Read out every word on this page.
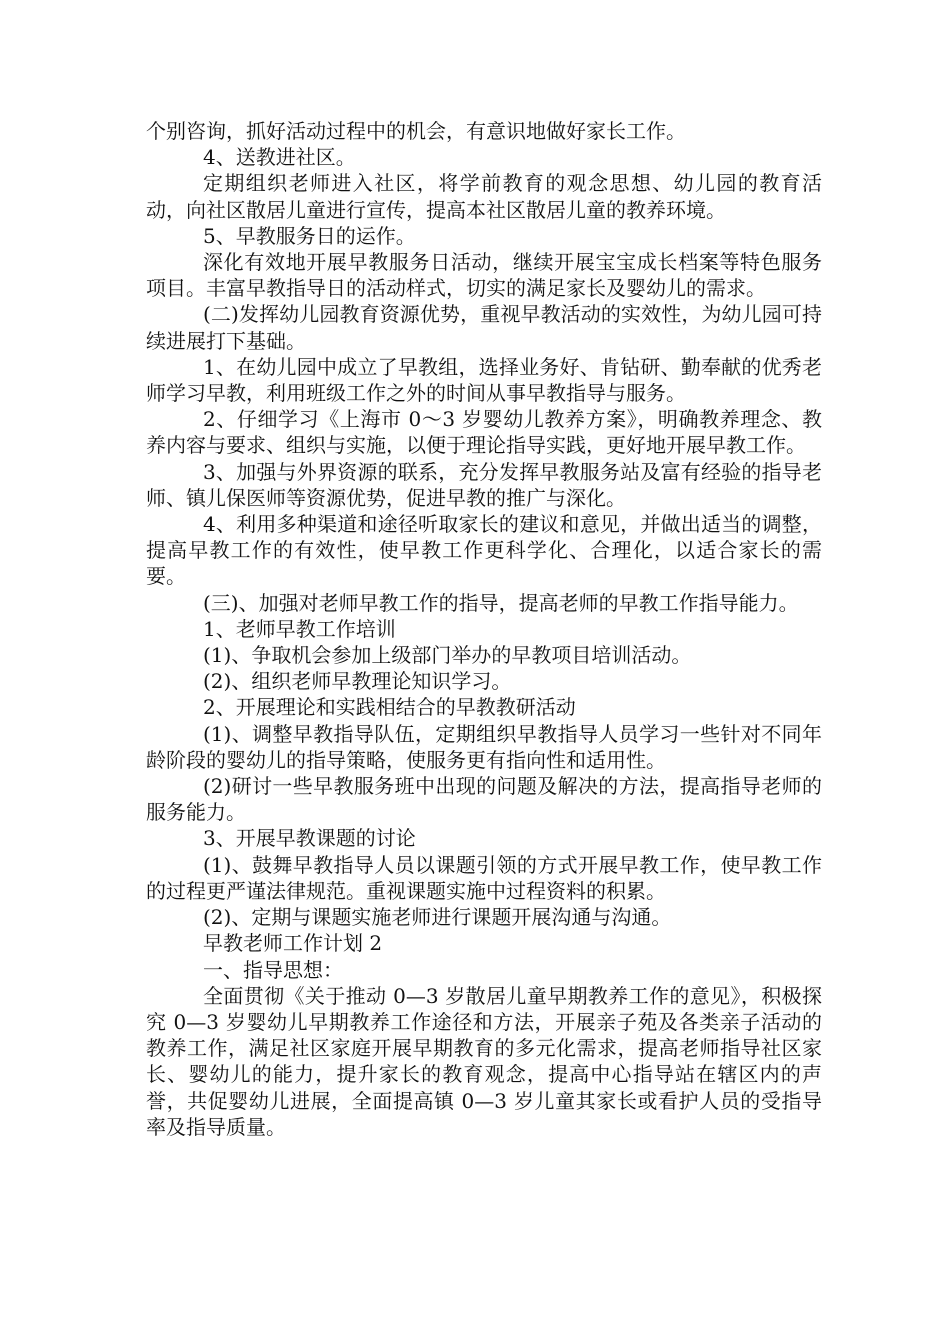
个别咨询，抓好活动过程中的机会，有意识地做好家长工作。

4、送教进社区。

定期组织老师进入社区，将学前教育的观念思想、幼儿园的教育活动，向社区散居儿童进行宣传，提高本社区散居儿童的教养环境。

5、早教服务日的运作。

深化有效地开展早教服务日活动，继续开展宝宝成长档案等特色服务项目。丰富早教指导日的活动样式，切实的满足家长及婴幼儿的需求。

(二)发挥幼儿园教育资源优势，重视早教活动的实效性，为幼儿园可持续进展打下基础。

1、在幼儿园中成立了早教组，选择业务好、肯钻研、勤奉献的优秀老师学习早教，利用班级工作之外的时间从事早教指导与服务。

2、仔细学习《上海市 0～3 岁婴幼儿教养方案》，明确教养理念、教养内容与要求、组织与实施，以便于理论指导实践，更好地开展早教工作。

3、加强与外界资源的联系，充分发挥早教服务站及富有经验的指导老师、镇儿保医师等资源优势，促进早教的推广与深化。

4、利用多种渠道和途径听取家长的建议和意见，并做出适当的调整，提高早教工作的有效性，使早教工作更科学化、合理化，以适合家长的需要。

(三)、加强对老师早教工作的指导，提高老师的早教工作指导能力。

1、老师早教工作培训

(1)、争取机会参加上级部门举办的早教项目培训活动。

(2)、组织老师早教理论知识学习。

2、开展理论和实践相结合的早教教研活动

(1)、调整早教指导队伍，定期组织早教指导人员学习一些针对不同年龄阶段的婴幼儿的指导策略，使服务更有指向性和适用性。

(2)研讨一些早教服务班中出现的问题及解决的方法，提高指导老师的服务能力。

3、开展早教课题的讨论

(1)、鼓舞早教指导人员以课题引领的方式开展早教工作，使早教工作的过程更严谨法律规范。重视课题实施中过程资料的积累。

(2)、定期与课题实施老师进行课题开展沟通与沟通。

早教老师工作计划 2

一、指导思想：

全面贯彻《关于推动 0—3 岁散居儿童早期教养工作的意见》，积极探究 0—3 岁婴幼儿早期教养工作途径和方法，开展亲子苑及各类亲子活动的教养工作，满足社区家庭开展早期教育的多元化需求，提高老师指导社区家长、婴幼儿的能力，提升家长的教育观念，提高中心指导站在辖区内的声誉，共促婴幼儿进展，全面提高镇 0—3 岁儿童其家长或看护人员的受指导率及指导质量。
